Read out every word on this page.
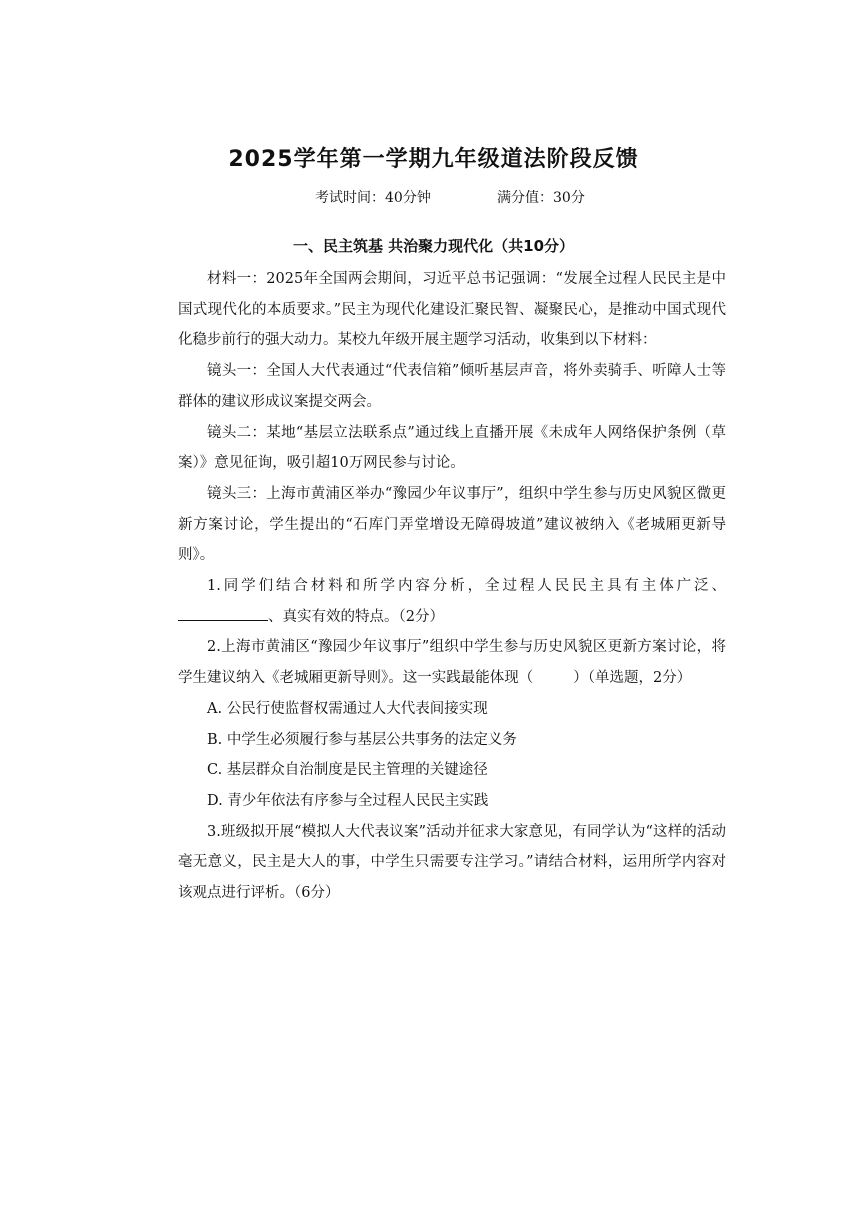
2025学年第一学期九年级道法阶段反馈
考试时间：40分钟	满分值：30分
一、民主筑基 共治聚力现代化（共10分）

材料一：2025年全国两会期间，习近平总书记强调：“发展全过程人民民主是中国式现代化的本质要求。”民主为现代化建设汇聚民智、凝聚民心，是推动中国式现代化稳步前行的强大动力。某校九年级开展主题学习活动，收集到以下材料：

镜头一：全国人大代表通过“代表信箱”倾听基层声音，将外卖骑手、听障人士等群体的建议形成议案提交两会。

镜头二：某地“基层立法联系点”通过线上直播开展《未成年人网络保护条例（草案）》意见征询，吸引超10万网民参与讨论。

镜头三：上海市黄浦区举办“豫园少年议事厅”，组织中学生参与历史风貌区微更新方案讨论，学生提出的“石库门弄堂增设无障碍坡道”建议被纳入《老城厢更新导则》。

1.同学们结合材料和所学内容分析，全过程人民民主具有主体广泛、、真实有效的特点。（2分）

2.上海市黄浦区“豫园少年议事厅”组织中学生参与历史风貌区更新方案讨论，将学生建议纳入《老城厢更新导则》。这一实践最能体现（	）（单选题，2分）

A. 公民行使监督权需通过人大代表间接实现

B. 中学生必须履行参与基层公共事务的法定义务

C. 基层群众自治制度是民主管理的关键途径

D. 青少年依法有序参与全过程人民民主实践

3.班级拟开展“模拟人大代表议案”活动并征求大家意见，有同学认为“这样的活动毫无意义，民主是大人的事，中学生只需要专注学习。”请结合材料，运用所学内容对该观点进行评析。（6分）
